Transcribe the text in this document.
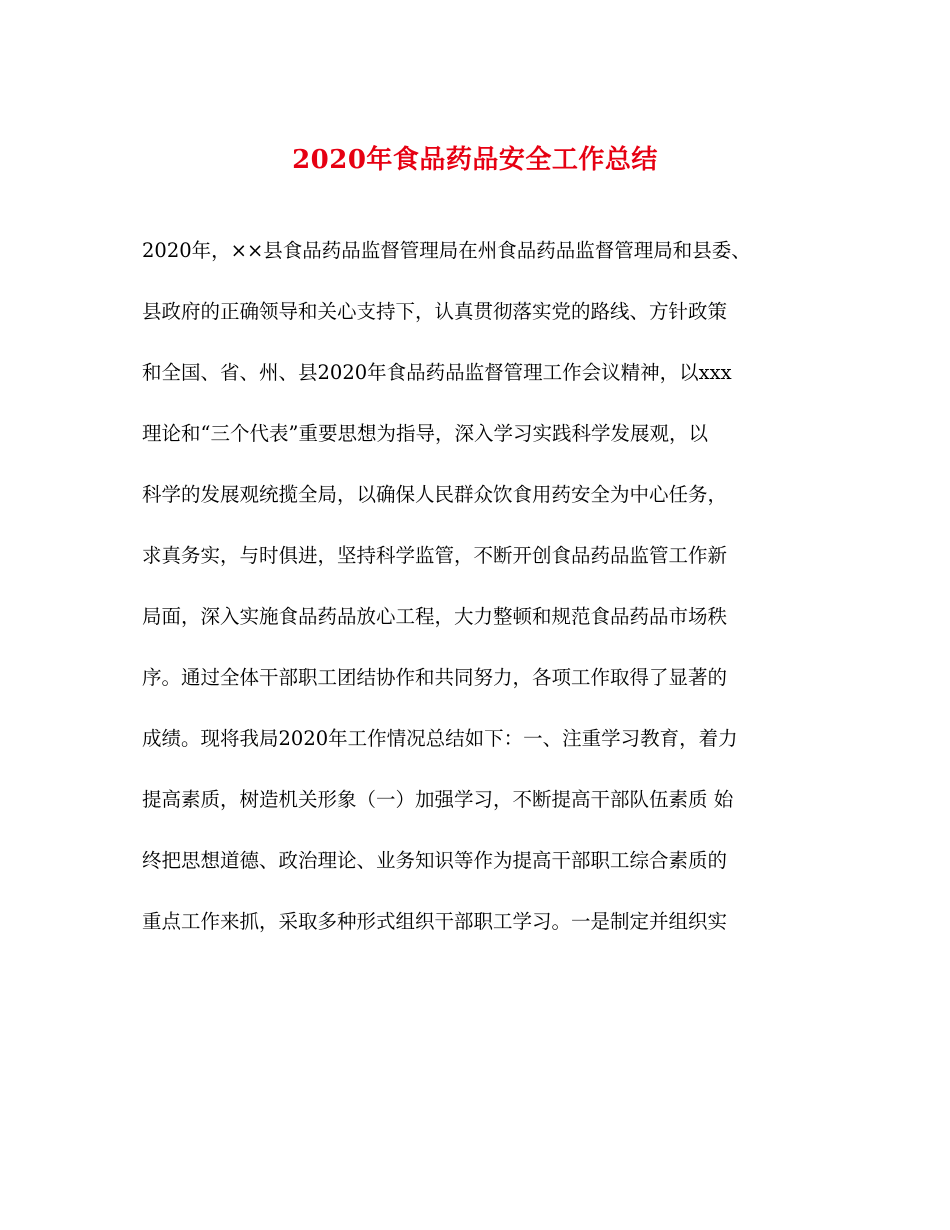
2020年食品药品安全工作总结
2020年，××县食品药品监督管理局在州食品药品监督管理局和县委、
县政府的正确领导和关心支持下，认真贯彻落实党的路线、方针政策
和全国、省、州、县2020年食品药品监督管理工作会议精神，以xxx
理论和“三个代表”重要思想为指导，深入学习实践科学发展观，以
科学的发展观统揽全局，以确保人民群众饮食用药安全为中心任务，
求真务实，与时俱进，坚持科学监管，不断开创食品药品监管工作新
局面，深入实施食品药品放心工程，大力整顿和规范食品药品市场秩
序。通过全体干部职工团结协作和共同努力，各项工作取得了显著的
成绩。现将我局2020年工作情况总结如下：一、注重学习教育，着力
提高素质，树造机关形象（一）加强学习，不断提高干部队伍素质 始
终把思想道德、政治理论、业务知识等作为提高干部职工综合素质的
重点工作来抓，采取多种形式组织干部职工学习。一是制定并组织实
